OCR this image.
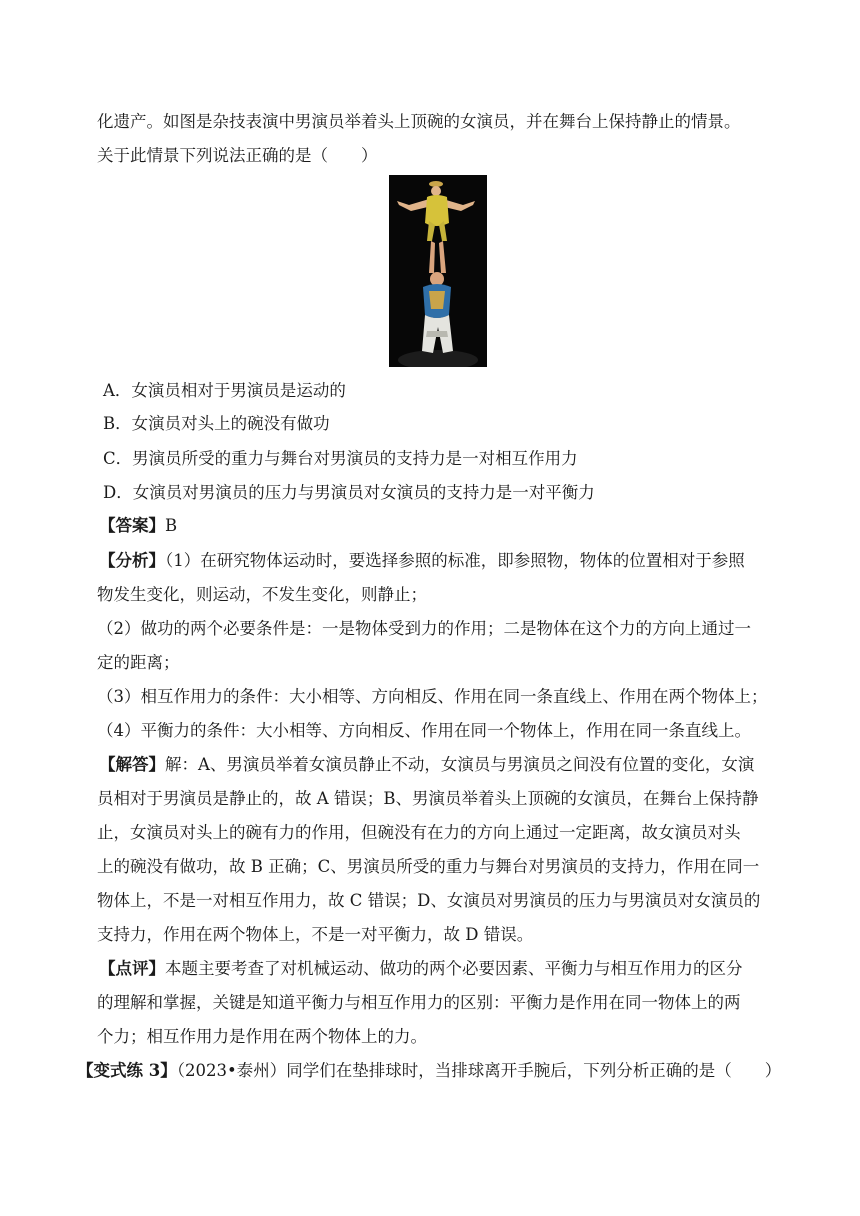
化遗产。如图是杂技表演中男演员举着头上顶碗的女演员，并在舞台上保持静止的情景。
关于此情景下列说法正确的是（　　）
A．女演员相对于男演员是运动的
B．女演员对头上的碗没有做功
C．男演员所受的重力与舞台对男演员的支持力是一对相互作用力
D．女演员对男演员的压力与男演员对女演员的支持力是一对平衡力
【答案】B
【分析】（1）在研究物体运动时，要选择参照的标准，即参照物，物体的位置相对于参照
物发生变化，则运动，不发生变化，则静止；
（2）做功的两个必要条件是：一是物体受到力的作用；二是物体在这个力的方向上通过一
定的距离；
（3）相互作用力的条件：大小相等、方向相反、作用在同一条直线上、作用在两个物体上；
（4）平衡力的条件：大小相等、方向相反、作用在同一个物体上，作用在同一条直线上。
【解答】解：A、男演员举着女演员静止不动，女演员与男演员之间没有位置的变化，女演
员相对于男演员是静止的，故 A 错误；B、男演员举着头上顶碗的女演员，在舞台上保持静
止，女演员对头上的碗有力的作用，但碗没有在力的方向上通过一定距离，故女演员对头
上的碗没有做功，故 B 正确；C、男演员所受的重力与舞台对男演员的支持力，作用在同一
物体上，不是一对相互作用力，故 C 错误；D、女演员对男演员的压力与男演员对女演员的
支持力，作用在两个物体上，不是一对平衡力，故 D 错误。
【点评】本题主要考查了对机械运动、做功的两个必要因素、平衡力与相互作用力的区分
的理解和掌握，关键是知道平衡力与相互作用力的区别：平衡力是作用在同一物体上的两
个力；相互作用力是作用在两个物体上的力。
【变式练 3】（2023•泰州）同学们在垫排球时，当排球离开手腕后，下列分析正确的是（　　）
